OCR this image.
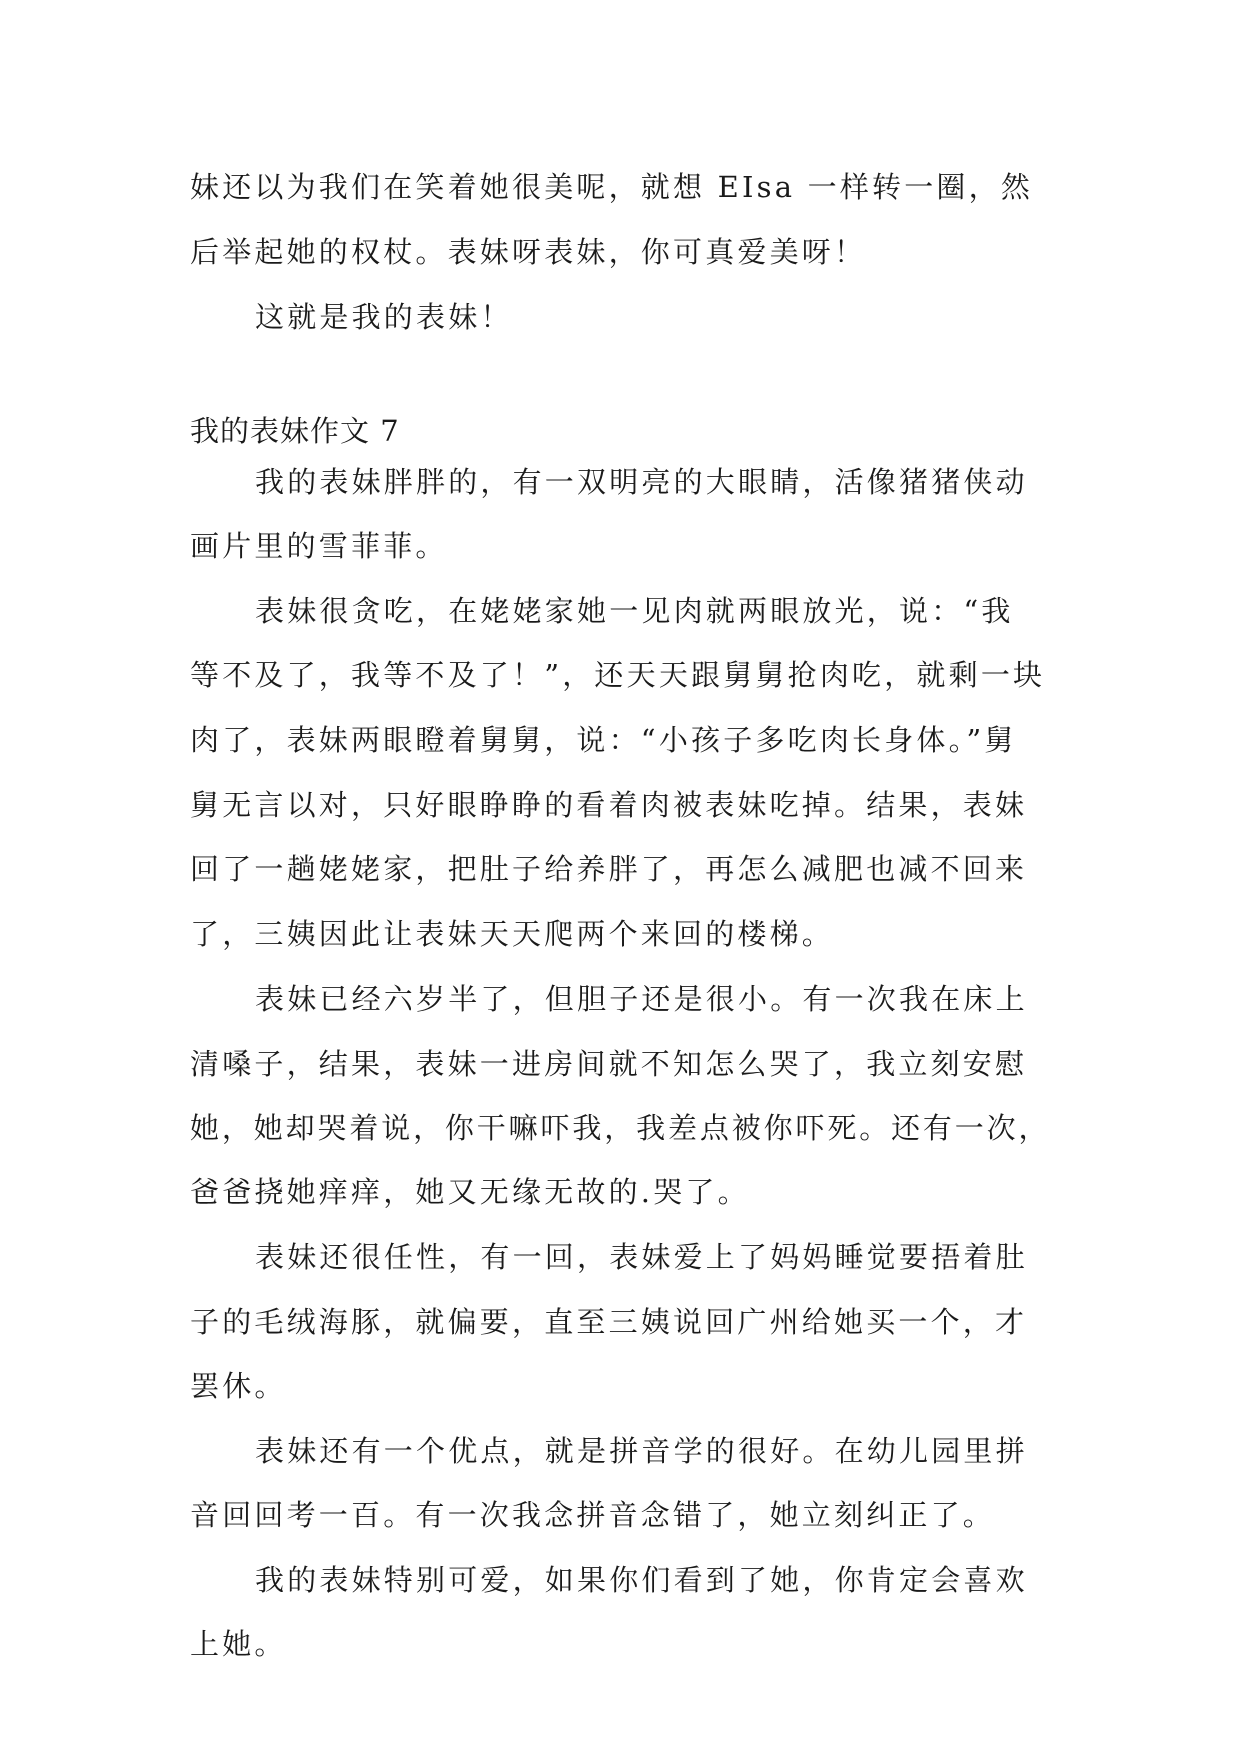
妹还以为我们在笑着她很美呢，就想 EIsa 一样转一圈，然

后举起她的权杖。表妹呀表妹，你可真爱美呀！

这就是我的表妹！

我的表妹作文 7

我的表妹胖胖的，有一双明亮的大眼睛，活像猪猪侠动

画片里的雪菲菲。

表妹很贪吃，在姥姥家她一见肉就两眼放光，说：“我

等不及了，我等不及了！”，还天天跟舅舅抢肉吃，就剩一块

肉了，表妹两眼瞪着舅舅，说：“小孩子多吃肉长身体。”舅

舅无言以对，只好眼睁睁的看着肉被表妹吃掉。结果，表妹

回了一趟姥姥家，把肚子给养胖了，再怎么减肥也减不回来

了，三姨因此让表妹天天爬两个来回的楼梯。

表妹已经六岁半了，但胆子还是很小。有一次我在床上

清嗓子，结果，表妹一进房间就不知怎么哭了，我立刻安慰

她，她却哭着说，你干嘛吓我，我差点被你吓死。还有一次，

爸爸挠她痒痒，她又无缘无故的.哭了。

表妹还很任性，有一回，表妹爱上了妈妈睡觉要捂着肚

子的毛绒海豚，就偏要，直至三姨说回广州给她买一个，才

罢休。

表妹还有一个优点，就是拼音学的很好。在幼儿园里拼

音回回考一百。有一次我念拼音念错了，她立刻纠正了。

我的表妹特别可爱，如果你们看到了她，你肯定会喜欢

上她。
